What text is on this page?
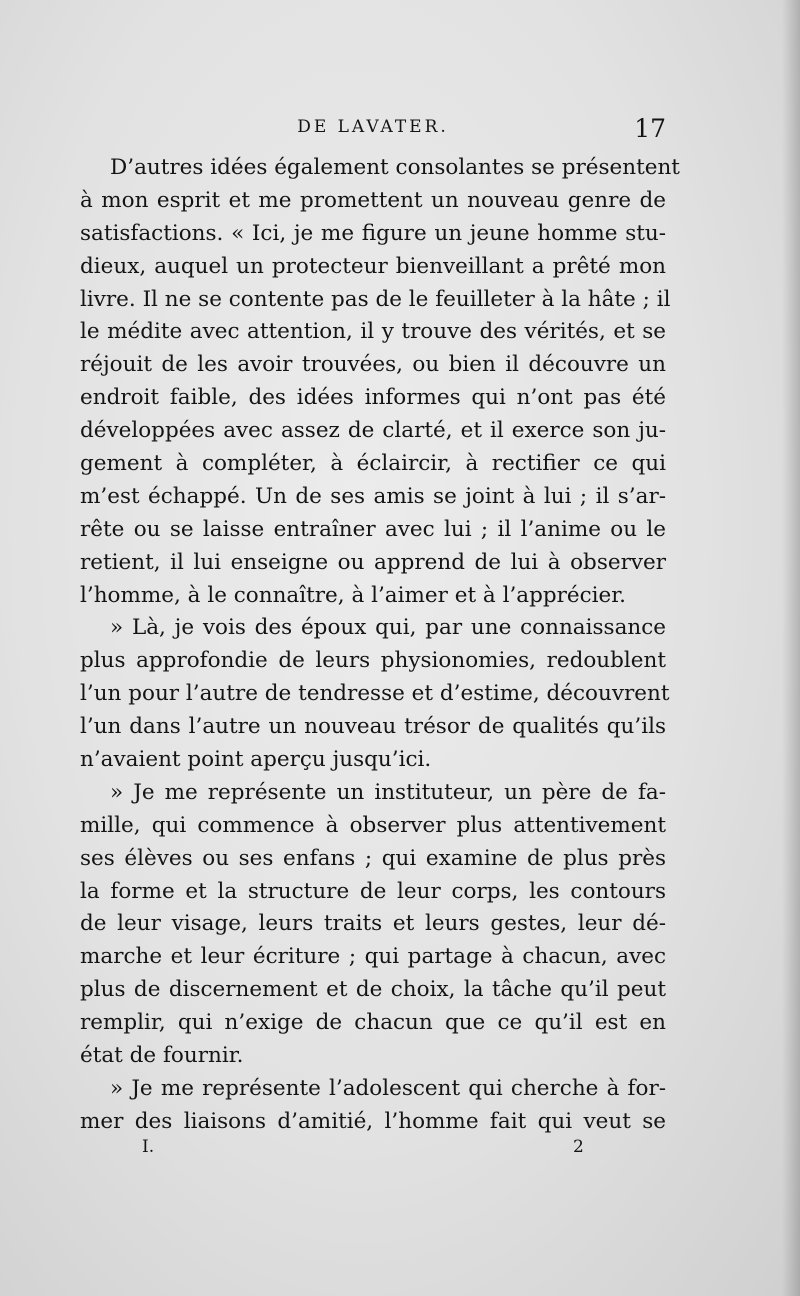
DE LAVATER.	17
D’autres idées également consolantes se présentent
à mon esprit et me promettent un nouveau genre de
satisfactions. « Ici, je me figure un jeune homme stu-
dieux, auquel un protecteur bienveillant a prêté mon
livre. Il ne se contente pas de le feuilleter à la hâte ; il
le médite avec attention, il y trouve des vérités, et se
réjouit de les avoir trouvées, ou bien il découvre un
endroit faible, des idées informes qui n’ont pas été
développées avec assez de clarté, et il exerce son ju-
gement à compléter, à éclaircir, à rectifier ce qui
m’est échappé. Un de ses amis se joint à lui ; il s’ar-
rête ou se laisse entraîner avec lui ; il l’anime ou le
retient, il lui enseigne ou apprend de lui à observer
l’homme, à le connaître, à l’aimer et à l’apprécier.
» Là, je vois des époux qui, par une connaissance
plus approfondie de leurs physionomies, redoublent
l’un pour l’autre de tendresse et d’estime, découvrent
l’un dans l’autre un nouveau trésor de qualités qu’ils
n’avaient point aperçu jusqu’ici.
» Je me représente un instituteur, un père de fa-
mille, qui commence à observer plus attentivement
ses élèves ou ses enfans ; qui examine de plus près
la forme et la structure de leur corps, les contours
de leur visage, leurs traits et leurs gestes, leur dé-
marche et leur écriture ; qui partage à chacun, avec
plus de discernement et de choix, la tâche qu’il peut
remplir, qui n’exige de chacun que ce qu’il est en
état de fournir.
» Je me représente l’adolescent qui cherche à for-
mer des liaisons d’amitié, l’homme fait qui veut se
I.	2
